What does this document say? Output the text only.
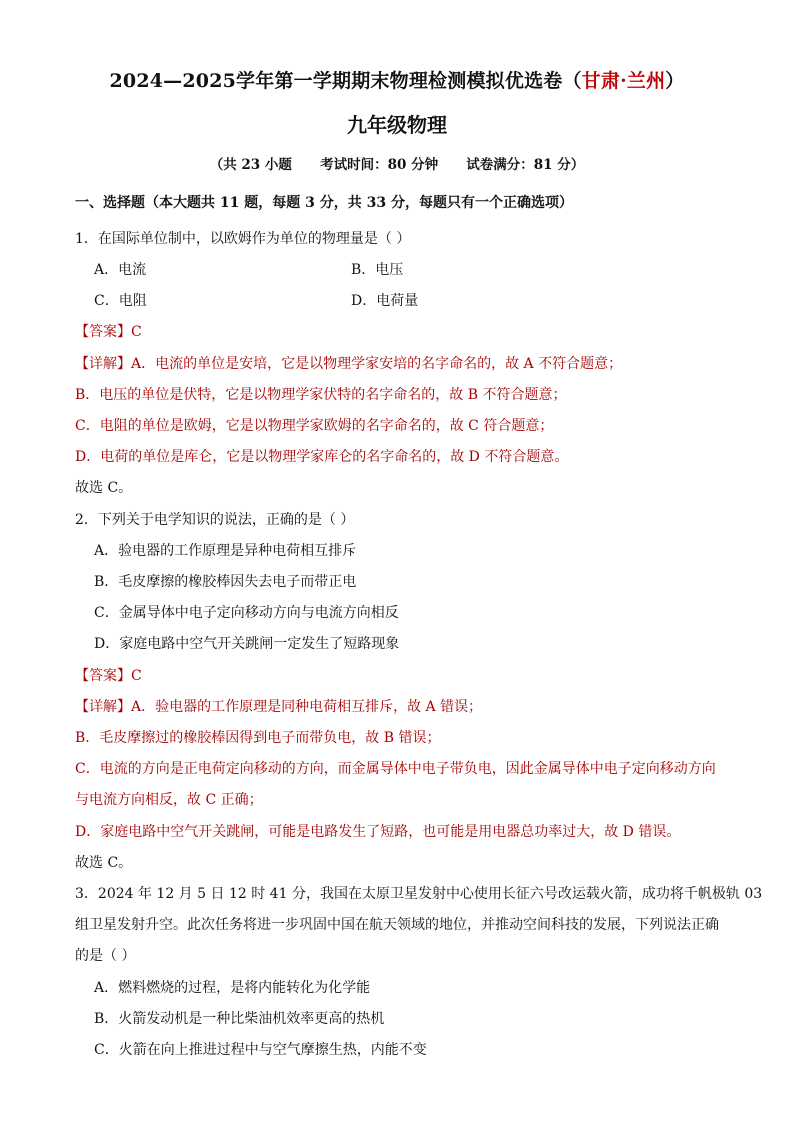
2024—2025学年第一学期期末物理检测模拟优选卷（甘肃·兰州）
九年级物理
（共 23 小题      考试时间：80 分钟      试卷满分：81 分）
一、选择题（本大题共 11 题，每题 3 分，共 33 分，每题只有一个正确选项）
1．在国际单位制中，以欧姆作为单位的物理量是（ ）
A．电流	B．电压
C．电阻	D．电荷量
【答案】C
【详解】A．电流的单位是安培，它是以物理学家安培的名字命名的，故 A 不符合题意；
B．电压的单位是伏特，它是以物理学家伏特的名字命名的，故 B 不符合题意；
C．电阻的单位是欧姆，它是以物理学家欧姆的名字命名的，故 C 符合题意；
D．电荷的单位是库仑，它是以物理学家库仑的名字命名的，故 D 不符合题意。
故选 C。
2．下列关于电学知识的说法，正确的是（ ）
A．验电器的工作原理是异种电荷相互排斥
B．毛皮摩擦的橡胶棒因失去电子而带正电
C．金属导体中电子定向移动方向与电流方向相反
D．家庭电路中空气开关跳闸一定发生了短路现象
【答案】C
【详解】A．验电器的工作原理是同种电荷相互排斥，故 A 错误；
B．毛皮摩擦过的橡胶棒因得到电子而带负电，故 B 错误；
C．电流的方向是正电荷定向移动的方向，而金属导体中电子带负电，因此金属导体中电子定向移动方向
与电流方向相反，故 C 正确；
D．家庭电路中空气开关跳闸，可能是电路发生了短路，也可能是用电器总功率过大，故 D 错误。
故选 C。
3．2024 年 12 月 5 日 12 时 41 分，我国在太原卫星发射中心使用长征六号改运载火箭，成功将千帆极轨 03
组卫星发射升空。此次任务将进一步巩固中国在航天领域的地位，并推动空间科技的发展，下列说法正确
的是（ ）
A．燃料燃烧的过程，是将内能转化为化学能
B．火箭发动机是一种比柴油机效率更高的热机
C．火箭在向上推进过程中与空气摩擦生热，内能不变
